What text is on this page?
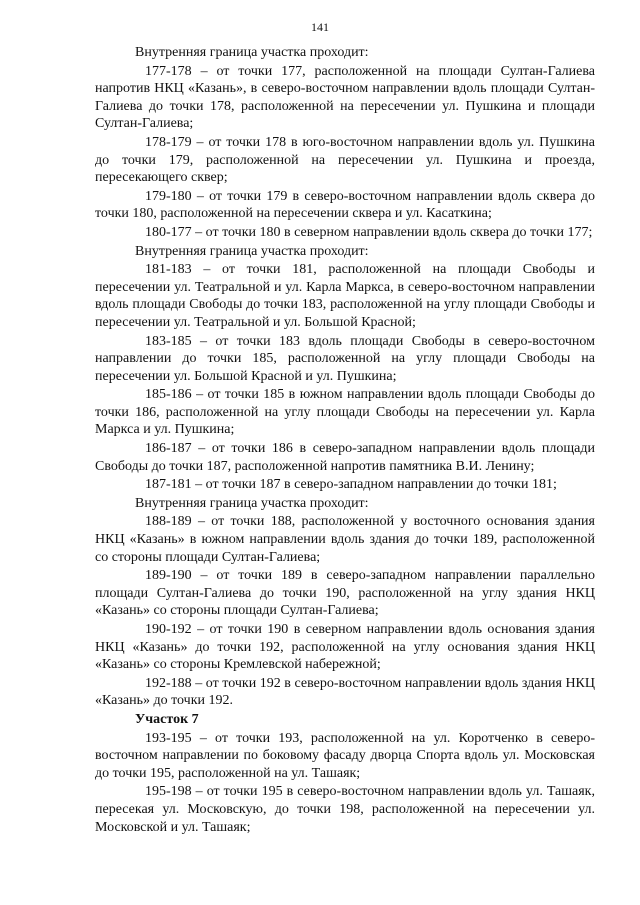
141

Внутренняя граница участка проходит:

177-178 – от точки 177, расположенной на площади Султан-Галиева напротив НКЦ «Казань», в северо-восточном направлении вдоль площади Султан-Галиева до точки 178, расположенной на пересечении ул. Пушкина и площади Султан-Галиева;

178-179 – от точки 178 в юго-восточном направлении вдоль ул. Пушкина до точки 179, расположенной на пересечении ул. Пушкина и проезда, пересекающего сквер;

179-180 – от точки 179 в северо-восточном направлении вдоль сквера до точки 180, расположенной на пересечении сквера и ул. Касаткина;

180-177 – от точки 180 в северном направлении вдоль сквера до точки 177;

Внутренняя граница участка проходит:

181-183 – от точки 181, расположенной на площади Свободы и пересечении ул. Театральной и ул. Карла Маркса, в северо-восточном направлении вдоль площади Свободы до точки 183, расположенной на углу площади Свободы и пересечении ул. Театральной и ул. Большой Красной;

183-185 – от точки 183 вдоль площади Свободы в северо-восточном направлении до точки 185, расположенной на углу площади Свободы на пересечении ул. Большой Красной и ул. Пушкина;

185-186 – от точки 185 в южном направлении вдоль площади Свободы до точки 186, расположенной на углу площади Свободы на пересечении ул. Карла Маркса и ул. Пушкина;

186-187 – от точки 186 в северо-западном направлении вдоль площади Свободы до точки 187, расположенной напротив памятника В.И. Ленину;

187-181 – от точки 187 в северо-западном направлении до точки 181;

Внутренняя граница участка проходит:

188-189 – от точки 188, расположенной у восточного основания здания НКЦ «Казань» в южном направлении вдоль здания до точки 189, расположенной со стороны площади Султан-Галиева;

189-190 – от точки 189 в северо-западном направлении параллельно площади Султан-Галиева до точки 190, расположенной на углу здания НКЦ «Казань» со стороны площади Султан-Галиева;

190-192 – от точки 190 в северном направлении вдоль основания здания НКЦ «Казань» до точки 192, расположенной на углу основания здания НКЦ «Казань» со стороны Кремлевской набережной;

192-188 – от точки 192 в северо-восточном направлении вдоль здания НКЦ «Казань» до точки 192.

Участок 7

193-195 – от точки 193, расположенной на ул. Коротченко в северо-восточном направлении по боковому фасаду дворца Спорта вдоль ул. Московская до точки 195, расположенной на ул. Ташаяк;

195-198 – от точки 195 в северо-восточном направлении вдоль ул. Ташаяк, пересекая ул. Московскую, до точки 198, расположенной на пересечении ул. Московской и ул. Ташаяк;
